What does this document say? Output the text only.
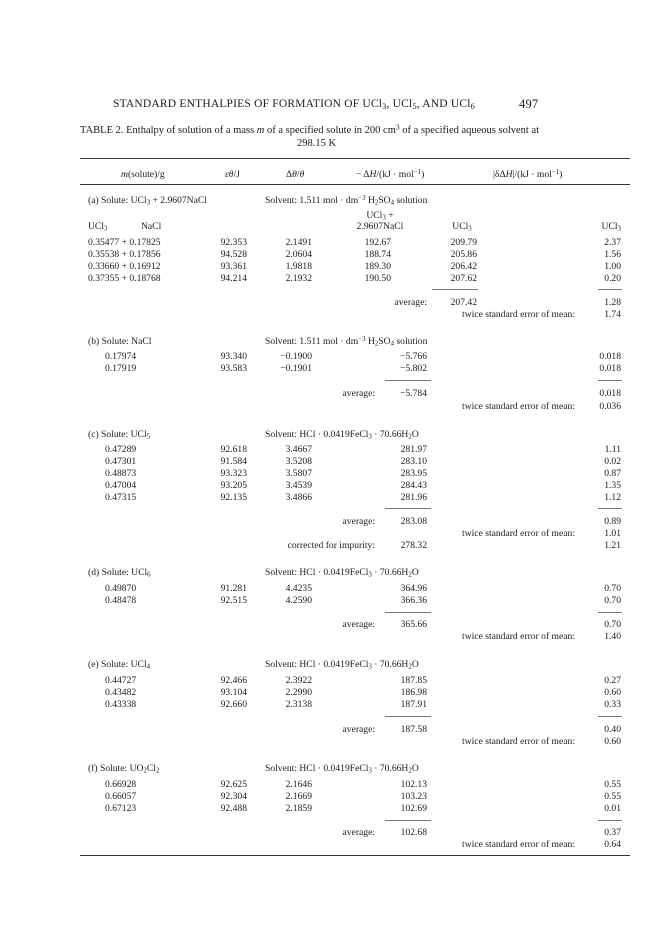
STANDARD ENTHALPIES OF FORMATION OF UCl$_3$, UCl$_5$, AND UCl$_6$	497
TABLE 2. Enthalpy of solution of a mass m of a specified solute in 200 $cm^3$ of a specified aqueous solvent at
298.15 K
m(solute)/g	εθ/J	Δθ/θ	− ΔH/(kJ · mol$^{-1}$)	|δΔH|/(kJ · mol$^{-1}$)
(a) Solute: UCl$_3$ + 2.9607NaCl	Solvent: 1.511 mol · $dm^{-3}$ $H_2SO_4$ solution
UCl$_3$ +
UCl$_3$	NaCl	2.9607NaCl	UCl$_3$	UCl$_3$
0.35477 + 0.17825	92.353	2.1491	192.67	209.79	2.37
0.35538 + 0.17856	94.528	2.0604	188.74	205.86	1.56
0.33660 + 0.16912	93.361	1.9818	189.30	206.42	1.00
0.37355 + 0.18768	94.214	2.1932	190.50	207.62	0.20
average:	207.42	1.28
twice standard error of mean:	1.74
(b) Solute: NaCl	Solvent: 1.511 mol · $dm^{-3}$ $H_2SO_4$ solution
0.17974	93.340	−0.1900	−5.766	0.018
0.17919	93.583	−0.1901	−5.802	0.018
average:	−5.784	0.018
twice standard error of mean:	0.036
(c) Solute: UCl$_5$	Solvent: HCl · 0.0419FeCl$_3$ · $70.66H_2O$
0.47289	92.618	3.4667	281.97	1.11
0.47301	91.584	3.5208	283.10	0.02
0.48873	93.323	3.5807	283.95	0.87
0.47004	93.205	3.4539	284.43	1.35
0.47315	92.135	3.4866	281.96	1.12
average:	283.08	0.89
twice standard error of mean:	1.01
corrected for impurity:	278.32	1.21
(d) Solute: UCl$_6$	Solvent: HCl · 0.0419FeCl$_3$ · $70.66H_2O$
0.49870	91.281	4.4235	364.96	0.70
0.48478	92.515	4.2590	366.36	0.70
average:	365.66	0.70
twice standard error of mean:	1.40
(e) Solute: UCl$_4$	Solvent: HCl · 0.0419FeCl$_3$ · $70.66H_2O$
0.44727	92.466	2.3922	187.85	0.27
0.43482	93.104	2.2990	186.98	0.60
0.43338	92.660	2.3138	187.91	0.33
average:	187.58	0.40
twice standard error of mean:	0.60
(f) Solute: $UO_2Cl_2$	Solvent: HCl · 0.0419FeCl$_3$ · $70.66H_2O$
0.66928	92.625	2.1646	102.13	0.55
0.66057	92.304	2.1669	103.23	0.55
0.67123	92.488	2.1859	102.69	0.01
average:	102.68	0.37
twice standard error of mean:	0.64
